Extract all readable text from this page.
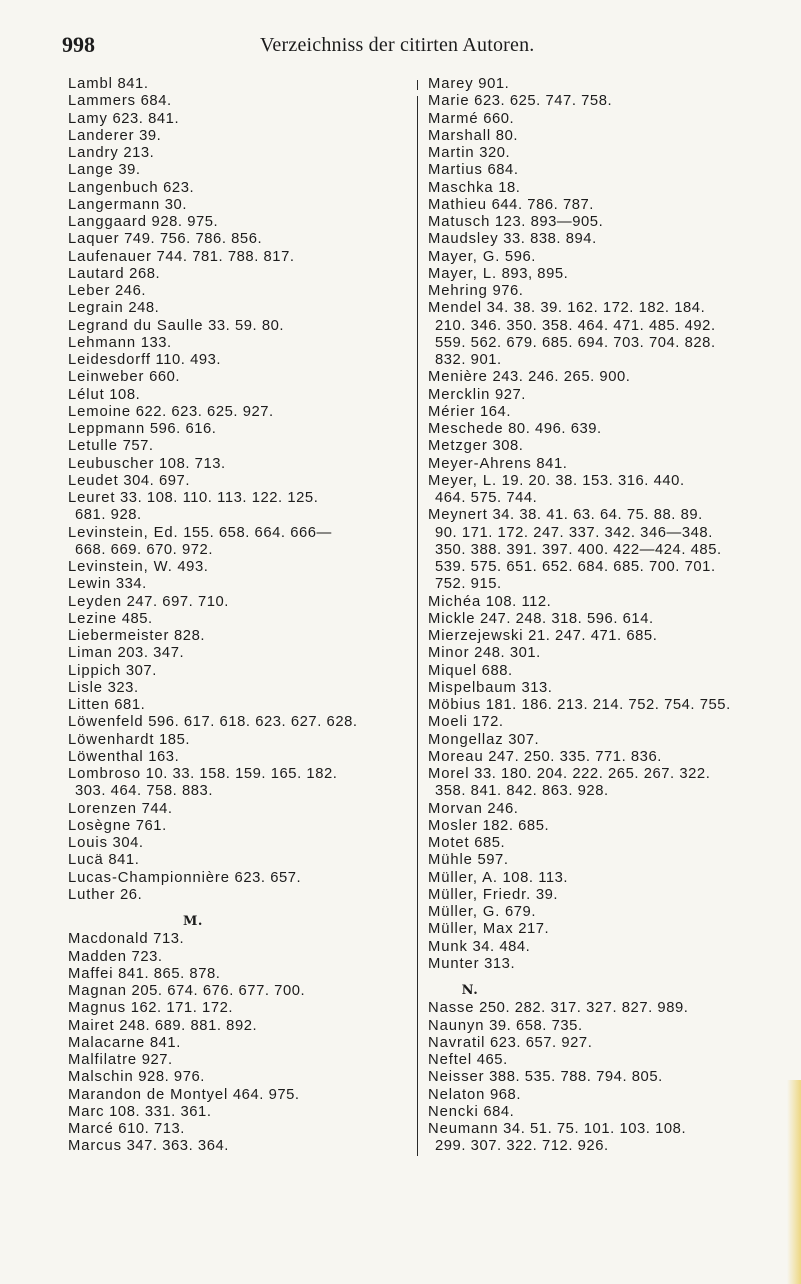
998	Verzeichniss der citirten Autoren.
Lambl 841.
Lammers 684.
Lamy 623. 841.
Landerer 39.
Landry 213.
Lange 39.
Langenbuch 623.
Langermann 30.
Langgaard 928. 975.
Laquer 749. 756. 786. 856.
Laufenauer 744. 781. 788. 817.
Lautard 268.
Leber 246.
Legrain 248.
Legrand du Saulle 33. 59. 80.
Lehmann 133.
Leidesdorff 110. 493.
Leinweber 660.
Lélut 108.
Lemoine 622. 623. 625. 927.
Leppmann 596. 616.
Letulle 757.
Leubuscher 108. 713.
Leudet 304. 697.
Leuret 33. 108. 110. 113. 122. 125.
681. 928.
Levinstein, Ed. 155. 658. 664. 666—
668. 669. 670. 972.
Levinstein, W. 493.
Lewin 334.
Leyden 247. 697. 710.
Lezine 485.
Liebermeister 828.
Liman 203. 347.
Lippich 307.
Lisle 323.
Litten 681.
Löwenfeld 596. 617. 618. 623. 627. 628.
Löwenhardt 185.
Löwenthal 163.
Lombroso 10. 33. 158. 159. 165. 182.
303. 464. 758. 883.
Lorenzen 744.
Losègne 761.
Louis 304.
Lucä 841.
Lucas-Championnière 623. 657.
Luther 26.
M.
Macdonald 713.
Madden 723.
Maffei 841. 865. 878.
Magnan 205. 674. 676. 677. 700.
Magnus 162. 171. 172.
Mairet 248. 689. 881. 892.
Malacarne 841.
Malfilatre 927.
Malschin 928. 976.
Marandon de Montyel 464. 975.
Marc 108. 331. 361.
Marcé 610. 713.
Marcus 347. 363. 364.
Marey 901.
Marie 623. 625. 747. 758.
Marmé 660.
Marshall 80.
Martin 320.
Martius 684.
Maschka 18.
Mathieu 644. 786. 787.
Matusch 123. 893—905.
Maudsley 33. 838. 894.
Mayer, G. 596.
Mayer, L. 893, 895.
Mehring 976.
Mendel 34. 38. 39. 162. 172. 182. 184.
210. 346. 350. 358. 464. 471. 485. 492.
559. 562. 679. 685. 694. 703. 704. 828.
832. 901.
Menière 243. 246. 265. 900.
Mercklin 927.
Mérier 164.
Meschede 80. 496. 639.
Metzger 308.
Meyer-Ahrens 841.
Meyer, L. 19. 20. 38. 153. 316. 440.
464. 575. 744.
Meynert 34. 38. 41. 63. 64. 75. 88. 89.
90. 171. 172. 247. 337. 342. 346—348.
350. 388. 391. 397. 400. 422—424. 485.
539. 575. 651. 652. 684. 685. 700. 701.
752. 915.
Michéa 108. 112.
Mickle 247. 248. 318. 596. 614.
Mierzejewski 21. 247. 471. 685.
Minor 248. 301.
Miquel 688.
Mispelbaum 313.
Möbius 181. 186. 213. 214. 752. 754. 755.
Moeli 172.
Mongellaz 307.
Moreau 247. 250. 335. 771. 836.
Morel 33. 180. 204. 222. 265. 267. 322.
358. 841. 842. 863. 928.
Morvan 246.
Mosler 182. 685.
Motet 685.
Mühle 597.
Müller, A. 108. 113.
Müller, Friedr. 39.
Müller, G. 679.
Müller, Max 217.
Munk 34. 484.
Munter 313.
N.
Nasse 250. 282. 317. 327. 827. 989.
Naunyn 39. 658. 735.
Navratil 623. 657. 927.
Neftel 465.
Neisser 388. 535. 788. 794. 805.
Nelaton 968.
Nencki 684.
Neumann 34. 51. 75. 101. 103. 108.
299. 307. 322. 712. 926.
